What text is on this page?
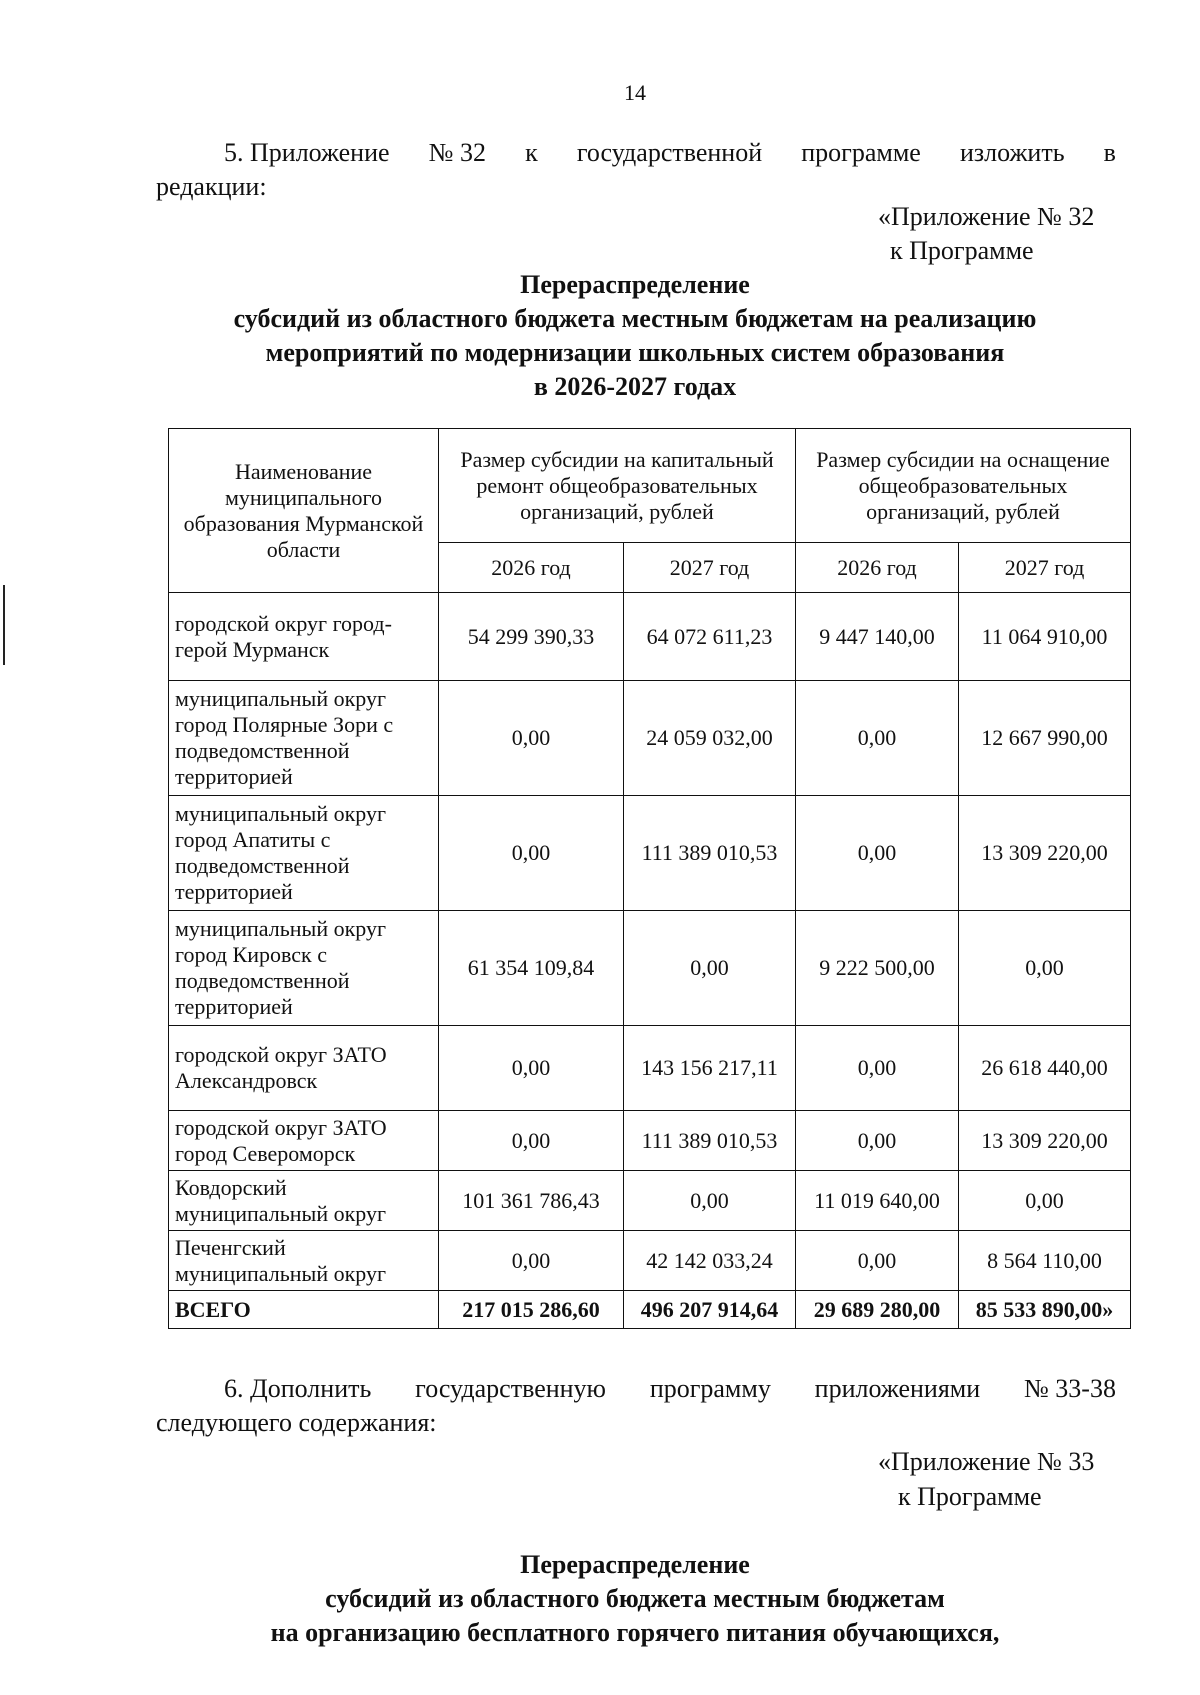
14
5. Приложение № 32 к государственной программе изложить в
редакции:
«Приложение № 32
к Программе
Перераспределение
субсидий из областного бюджета местным бюджетам на реализацию
мероприятий по модернизации школьных систем образования
в 2026-2027 годах
Наименование муниципального образования Мурманской области	Размер субсидии на капитальный ремонт общеобразовательных организаций, рублей		Размер субсидии на оснащение общеобразовательных организаций, рублей	
	2026 год	2027 год	2026 год	2027 год
городской округ город-герой Мурманск	54 299 390,33	64 072 611,23	9 447 140,00	11 064 910,00
муниципальный округ город Полярные Зори с подведомственной территорией	0,00	24 059 032,00	0,00	12 667 990,00
муниципальный округ город Апатиты с подведомственной территорией	0,00	111 389 010,53	0,00	13 309 220,00
муниципальный округ город Кировск с подведомственной территорией	61 354 109,84	0,00	9 222 500,00	0,00
городской округ ЗАТО Александровск	0,00	143 156 217,11	0,00	26 618 440,00
городской округ ЗАТО город Североморск	0,00	111 389 010,53	0,00	13 309 220,00
Ковдорский муниципальный округ	101 361 786,43	0,00	11 019 640,00	0,00
Печенгский муниципальный округ	0,00	42 142 033,24	0,00	8 564 110,00
ВСЕГО	217 015 286,60	496 207 914,64	29 689 280,00	85 533 890,00»
6. Дополнить государственную программу приложениями № 33-38
следующего содержания:
«Приложение № 33
к Программе
Перераспределение
субсидий из областного бюджета местным бюджетам
на организацию бесплатного горячего питания обучающихся,
